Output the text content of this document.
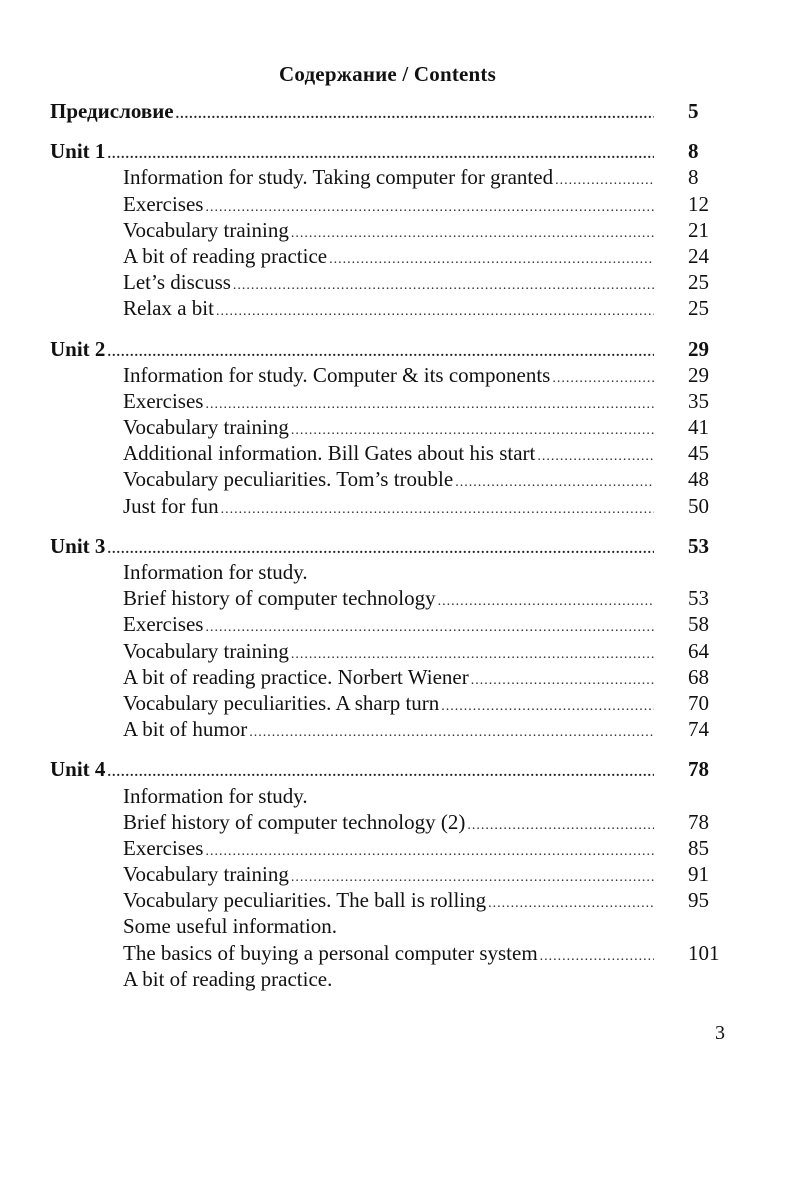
Содержание / Contents
Предисловие .....	5
Unit 1 .....	8
Information for study. Taking computer for granted .....	8
Exercises .....	12
Vocabulary training .....	21
A bit of reading practice .....	24
Let’s discuss .....	25
Relax a bit .....	25
Unit 2 .....	29
Information for study. Computer & its components .....	29
Exercises .....	35
Vocabulary training .....	41
Additional information. Bill Gates about his start .....	45
Vocabulary peculiarities. Tom’s trouble .....	48
Just for fun .....	50
Unit 3 .....	53
Information for study.
Brief history of computer technology .....	53
Exercises .....	58
Vocabulary training .....	64
A bit of reading practice. Norbert Wiener .....	68
Vocabulary peculiarities. A sharp turn .....	70
A bit of humor .....	74
Unit 4 .....	78
Information for study.
Brief history of computer technology (2) .....	78
Exercises .....	85
Vocabulary training .....	91
Vocabulary peculiarities. The ball is rolling .....	95
Some useful information.
The basics of buying a personal computer system .....	101
A bit of reading practice.
3
